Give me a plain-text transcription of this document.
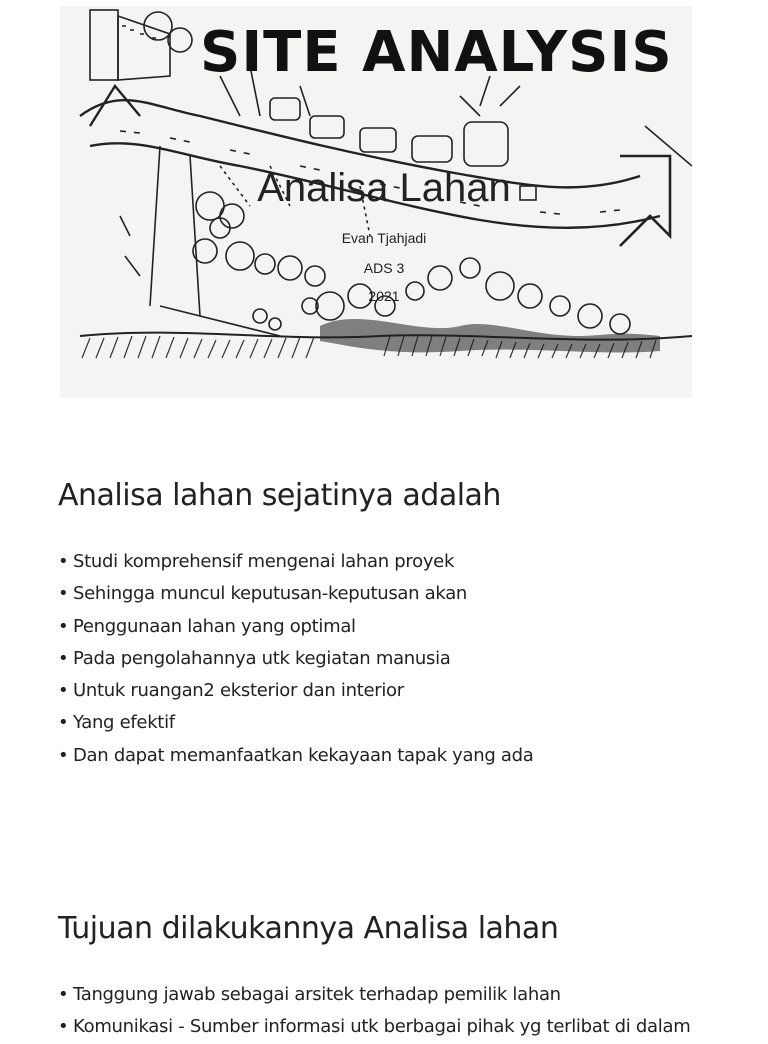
SITE ANALYSIS
Analisa Lahan
Evan Tjahjadi
ADS 3
2021
Analisa lahan sejatinya adalah
• Studi komprehensif mengenai lahan proyek
• Sehingga muncul keputusan-keputusan akan
• Penggunaan lahan yang optimal
• Pada pengolahannya utk kegiatan manusia
• Untuk ruangan2 eksterior dan interior
• Yang efektif
• Dan dapat memanfaatkan kekayaan tapak yang ada
Tujuan dilakukannya Analisa lahan
• Tanggung jawab sebagai arsitek terhadap pemilik lahan
• Komunikasi - Sumber informasi utk berbagai pihak yg terlibat di dalam
